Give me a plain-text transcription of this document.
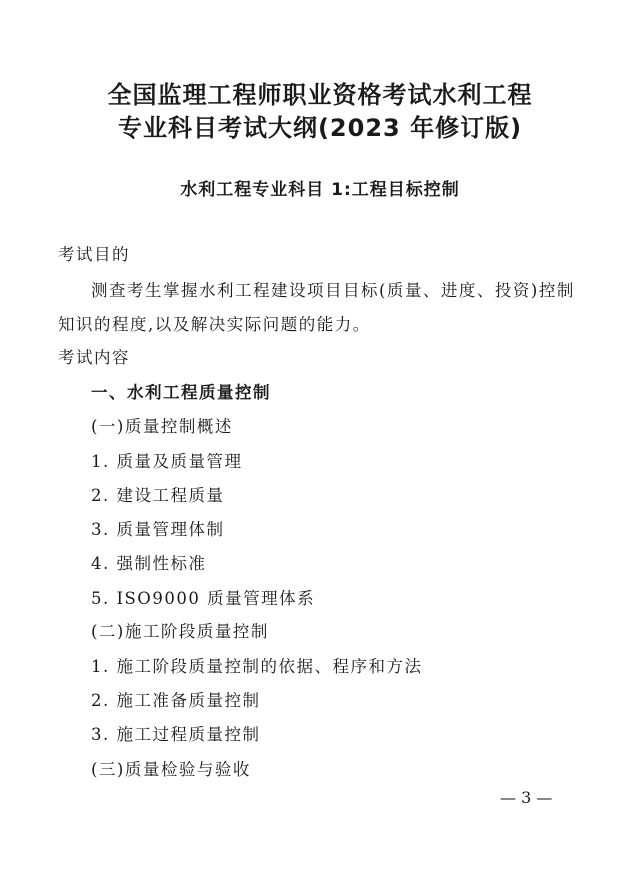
全国监理工程师职业资格考试水利工程
专业科目考试大纲(2023 年修订版)
水利工程专业科目 1:工程目标控制
考试目的
测查考生掌握水利工程建设项目目标(质量、进度、投资)控制
知识的程度,以及解决实际问题的能力。
考试内容
一、水利工程质量控制
(一)质量控制概述
1. 质量及质量管理
2. 建设工程质量
3. 质量管理体制
4. 强制性标准
5. ISO9000 质量管理体系
(二)施工阶段质量控制
1. 施工阶段质量控制的依据、程序和方法
2. 施工准备质量控制
3. 施工过程质量控制
(三)质量检验与验收
— 3 —
